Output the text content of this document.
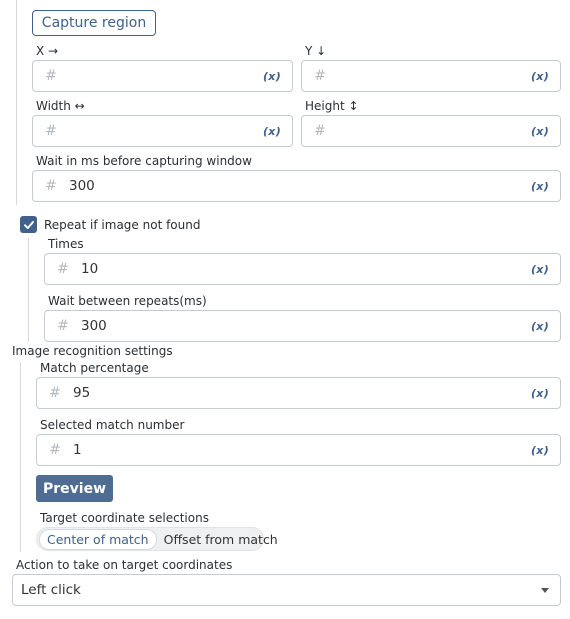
Capture region
X →	Y ↓
#	(x)	#	(x)
Width ↔	Height ↕
#	(x)	#	(x)
Wait in ms before capturing window
# 300	(x)
Repeat if image not found
Times
# 10	(x)
Wait between repeats(ms)
# 300	(x)
Image recognition settings
Match percentage
# 95	(x)
Selected match number
# 1	(x)
Preview
Target coordinate selections
Center of match	Offset from match
Action to take on target coordinates
Left click
